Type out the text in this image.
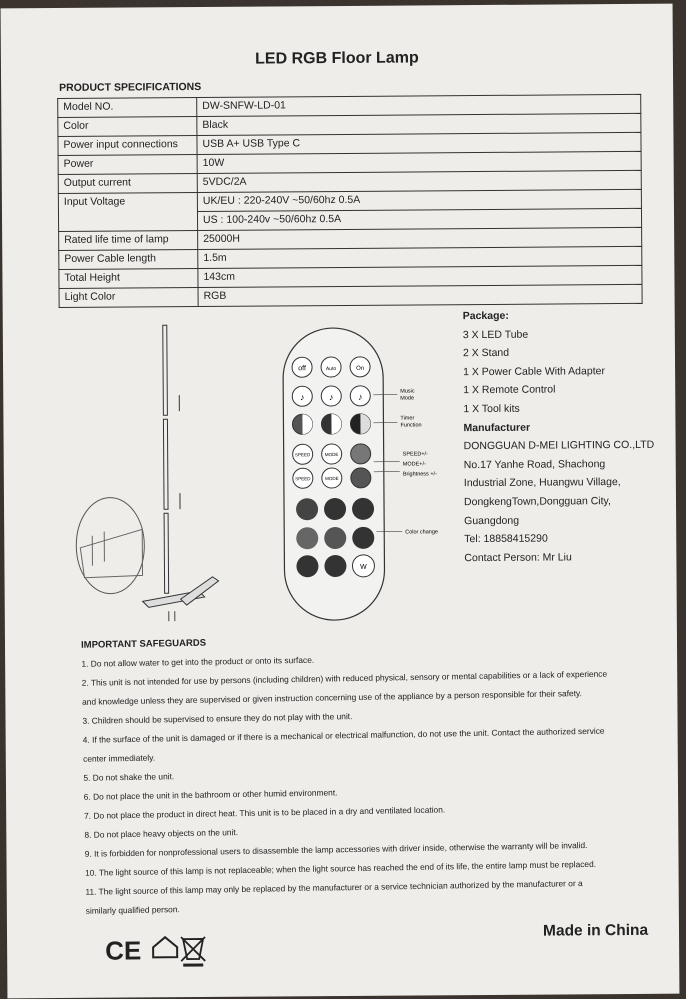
LED RGB Floor Lamp
PRODUCT SPECIFICATIONS
Model NO.	DW-SNFW-LD-01
Color	Black
Power input connections	USB A+ USB Type C
Power	10W
Output current	5VDC/2A
Input Voltage	UK/EU : 220-240V ~50/60hz 0.5A
	US : 100-240v ~50/60hz 0.5A
Rated life time of lamp	25000H
Power Cable length	1.5m
Total Height	143cm
Light Color	RGB
off	Auto	On
♪	♪	♪
SPEED	MODE
SPEED	MODE
W
Music
Mode
Timer
Function
SPEED+/-
MODE+/-
Brightness +/-
Color change
Package:
3 X LED Tube
2 X Stand
1 X Power Cable With Adapter
1 X Remote Control
1 X Tool kits
Manufacturer
DONGGUAN D-MEI LIGHTING CO.,LTD
No.17 Yanhe Road, Shachong
Industrial Zone, Huangwu Village,
DongkengTown,Dongguan City,
Guangdong
Tel: 18858415290
Contact Person: Mr Liu
IMPORTANT SAFEGUARDS
1. Do not allow water to get into the product or onto its surface.
2. This unit is not intended for use by persons (including children) with reduced physical, sensory or mental capabilities or a lack of experience
and knowledge unless they are supervised or given instruction concerning use of the appliance by a person responsible for their safety.
3. Children should be supervised to ensure they do not play with the unit.
4. If the surface of the unit is damaged or if there is a mechanical or electrical malfunction, do not use the unit. Contact the authorized service
center immediately.
5. Do not shake the unit.
6. Do not place the unit in the bathroom or other humid environment.
7. Do not place the product in direct heat. This unit is to be placed in a dry and ventilated location.
8. Do not place heavy objects on the unit.
9. It is forbidden for nonprofessional users to disassemble the lamp accessories with driver inside, otherwise the warranty will be invalid.
10. The light source of this lamp is not replaceable; when the light source has reached the end of its life, the entire lamp must be replaced.
11. The light source of this lamp may only be replaced by the manufacturer or a service technician authorized by the manufacturer or a
similarly qualified person.
CE
Made in China
